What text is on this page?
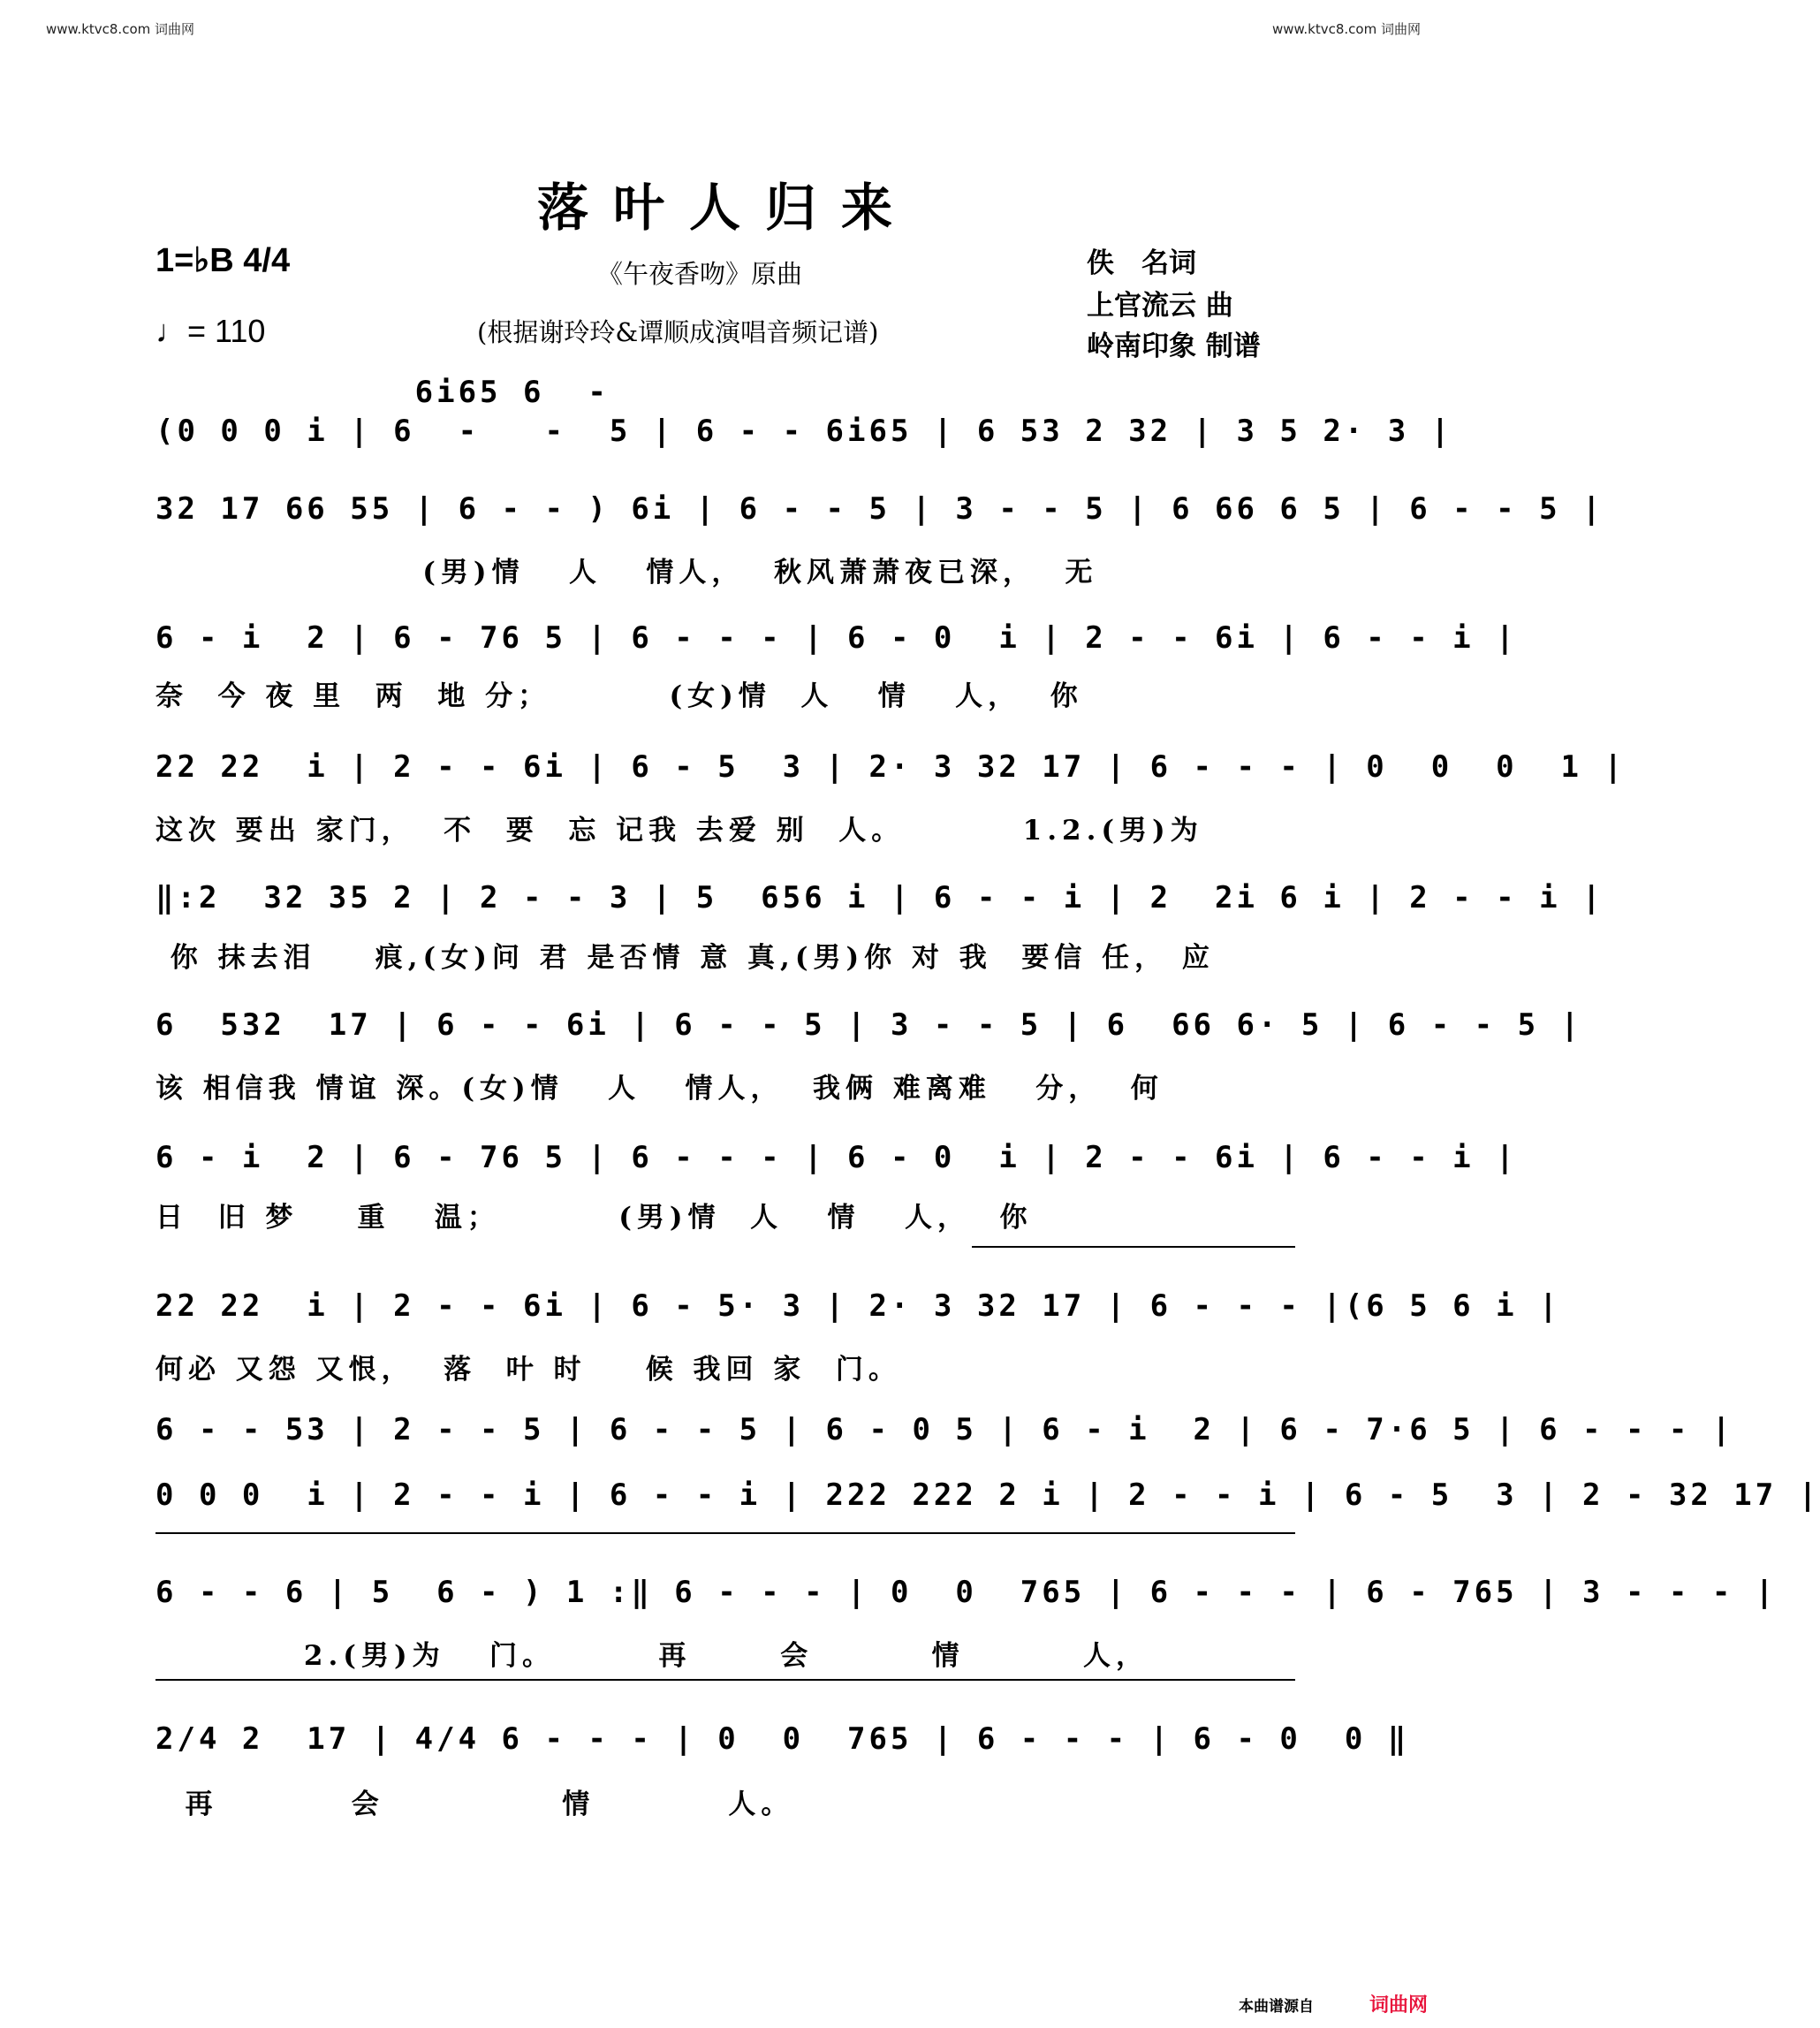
www.ktvc8.com 词曲网	www.ktvc8.com 词曲网
落叶人归来
1=♭B 4/4
♩= 110
《午夜香吻》原曲
(根据谢玲玲&谭顺成演唱音频记谱)
佚　名词
上官流云 曲
岭南印象 制谱
6i65 6  -
(0 0 0 i | 6  -   -  5 | 6 - - 6i65 | 6 53 2 32 | 3 5 2· 3 |
32 17 66 55 | 6 - - ) 6i | 6 - - 5 | 3 - - 5 | 6 66 6 5 | 6 - - 5 |
(男)情   人   情人，  秋风萧萧夜已深，  无
6 - i  2 | 6 - 76 5 | 6 - - - | 6 - 0  i | 2 - - 6i | 6 - - i |
奈  今 夜 里  两  地 分；        (女)情  人   情   人，  你
22 22  i | 2 - - 6i | 6 - 5  3 | 2· 3 32 17 | 6 - - - | 0  0  0  1 |
这次 要出 家门，  不  要  忘 记我 去爱 别  人。        1.2.(男)为
‖:2  32 35 2 | 2 - - 3 | 5  656 i | 6 - - i | 2  2i 6 i | 2 - - i |
你 抹去泪    痕,(女)问 君 是否情 意 真,(男)你 对 我  要信 任， 应
6  532  17 | 6 - - 6i | 6 - - 5 | 3 - - 5 | 6  66 6· 5 | 6 - - 5 |
该 相信我 情谊 深。(女)情   人   情人，  我俩 难离难   分，  何
6 - i  2 | 6 - 76 5 | 6 - - - | 6 - 0  i | 2 - - 6i | 6 - - i |
日  旧 梦    重   温；        (男)情  人   情   人，  你
22 22  i | 2 - - 6i | 6 - 5· 3 | 2· 3 32 17 | 6 - - - |(6 5 6 i |
何必 又怨 又恨，  落  叶 时    候 我回 家  门。
6 - - 53 | 2 - - 5 | 6 - - 5 | 6 - 0 5 | 6 - i  2 | 6 - 7·6 5 | 6 - - - |
0 0 0  i | 2 - - i | 6 - - i | 222 222 2 i | 2 - - i | 6 - 5  3 | 2 - 32 17 |
6 - - 6 | 5  6 - ) 1 :‖ 6 - - - | 0  0  765 | 6 - - - | 6 - 765 | 3 - - - |
2.(男)为   门。       再      会        情        人，
2/4 2  17 | 4/4 6 - - - | 0  0  765 | 6 - - - | 6 - 0  0 ‖
再         会            情         人。
本曲谱源自	词曲网
